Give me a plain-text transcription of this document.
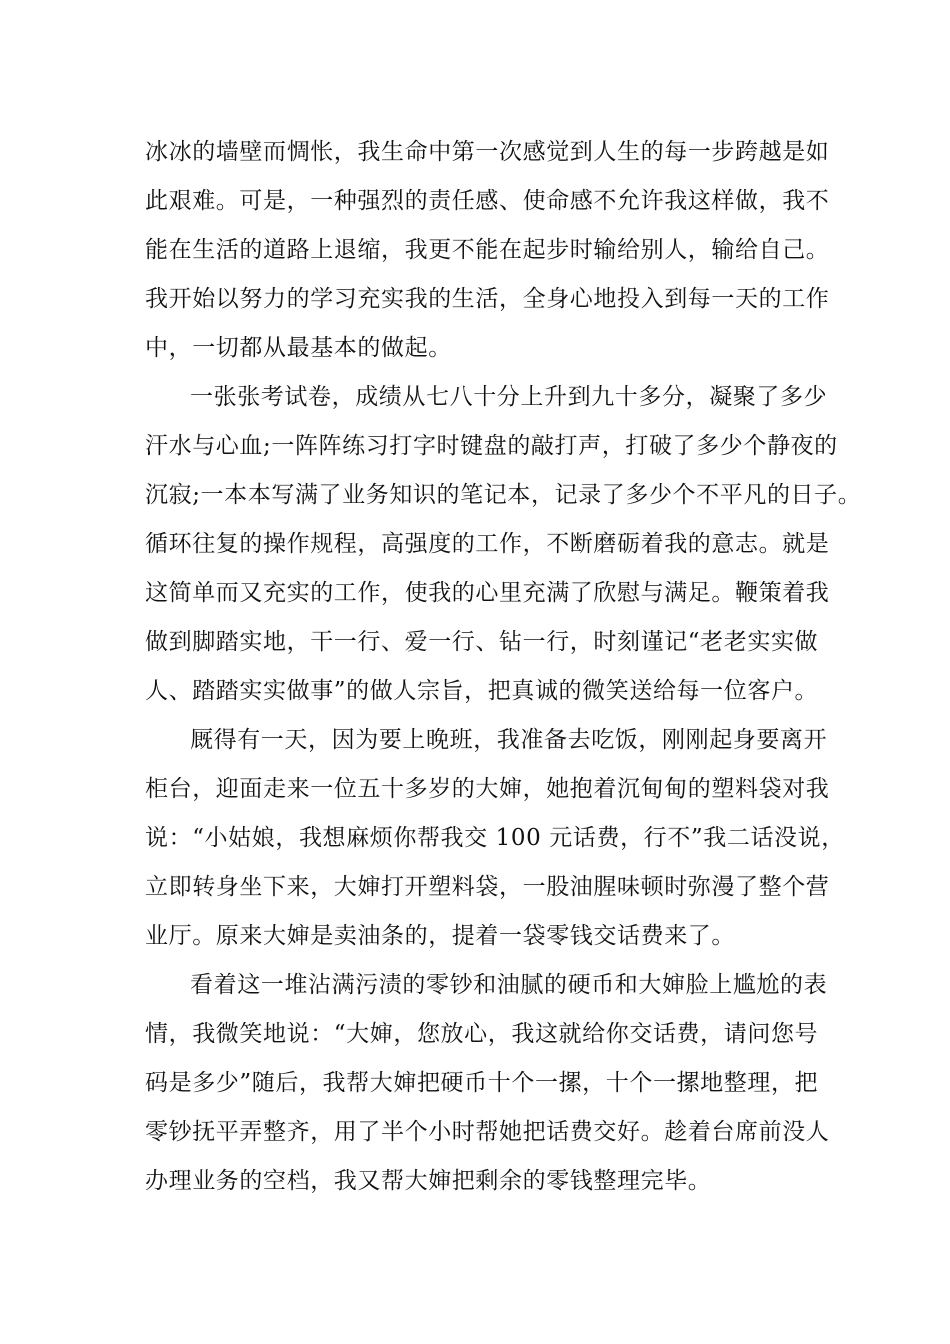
冰冰的墙壁而惆怅，我生命中第一次感觉到人生的每一步跨越是如
此艰难。可是，一种强烈的责任感、使命感不允许我这样做，我不
能在生活的道路上退缩，我更不能在起步时输给别人，输给自己。
我开始以努力的学习充实我的生活，全身心地投入到每一天的工作
中，一切都从最基本的做起。
一张张考试卷，成绩从七八十分上升到九十多分，凝聚了多少
汗水与心血;一阵阵练习打字时键盘的敲打声，打破了多少个静夜的
沉寂;一本本写满了业务知识的笔记本，记录了多少个不平凡的日子。
循环往复的操作规程，高强度的工作，不断磨砺着我的意志。就是
这简单而又充实的工作，使我的心里充满了欣慰与满足。鞭策着我
做到脚踏实地，干一行、爱一行、钻一行，时刻谨记“老老实实做
人、踏踏实实做事”的做人宗旨，把真诚的微笑送给每一位客户。
厩得有一天，因为要上晚班，我准备去吃饭，刚刚起身要离开
柜台，迎面走来一位五十多岁的大婶，她抱着沉甸甸的塑料袋对我
说：“小姑娘，我想麻烦你帮我交 100 元话费，行不”我二话没说，
立即转身坐下来，大婶打开塑料袋，一股油腥味顿时弥漫了整个营
业厅。原来大婶是卖油条的，提着一袋零钱交话费来了。
看着这一堆沾满污渍的零钞和油腻的硬币和大婶脸上尴尬的表
情，我微笑地说：“大婶，您放心，我这就给你交话费，请问您号
码是多少”随后，我帮大婶把硬币十个一摞，十个一摞地整理，把
零钞抚平弄整齐，用了半个小时帮她把话费交好。趁着台席前没人
办理业务的空档，我又帮大婶把剩余的零钱整理完毕。
